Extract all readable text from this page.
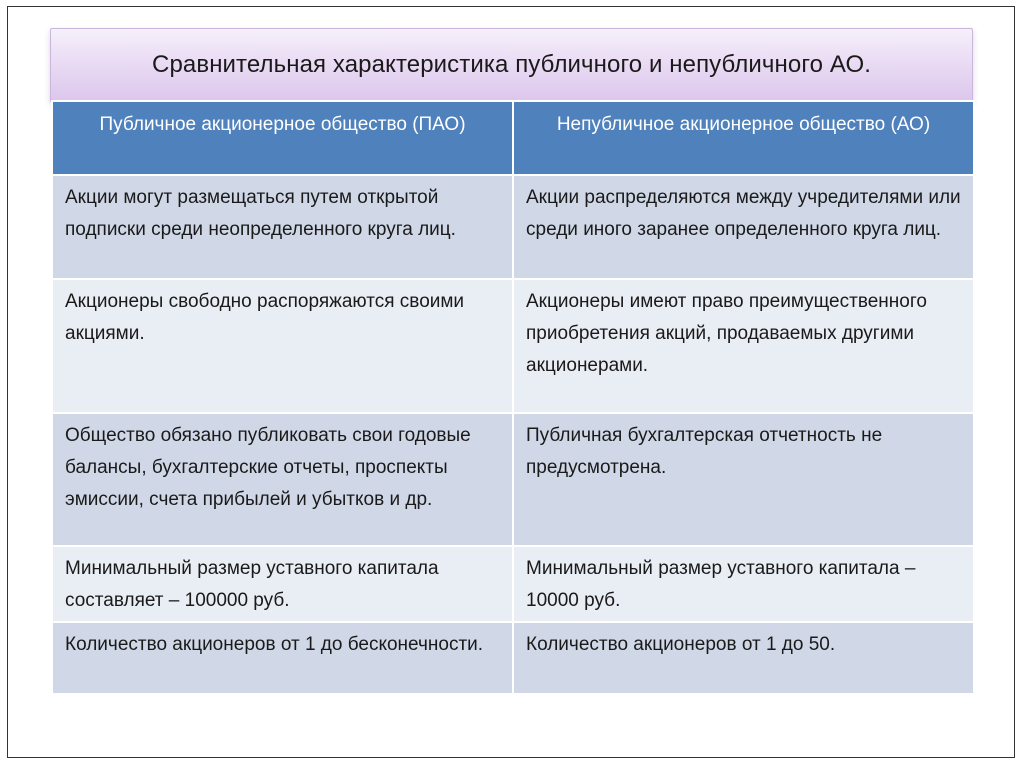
Сравнительная характеристика публичного и непубличного АО.
Публичное акционерное общество (ПАО)	Непубличное акционерное общество (АО)
Акции могут размещаться путем открытой подписки среди неопределенного круга лиц.	Акции распределяются между учредителями или среди иного заранее определенного круга лиц.
Акционеры свободно распоряжаются своими акциями.	Акционеры имеют право преимущественного приобретения акций, продаваемых другими акционерами.
Общество обязано публиковать свои годовые балансы, бухгалтерские отчеты, проспекты эмиссии, счета прибылей и убытков и др.	Публичная бухгалтерская отчетность не предусмотрена.
Минимальный размер уставного капитала составляет – 100000 руб.	Минимальный размер уставного капитала – 10000 руб.
Количество акционеров от 1 до бесконечности.	Количество акционеров от 1 до 50.
